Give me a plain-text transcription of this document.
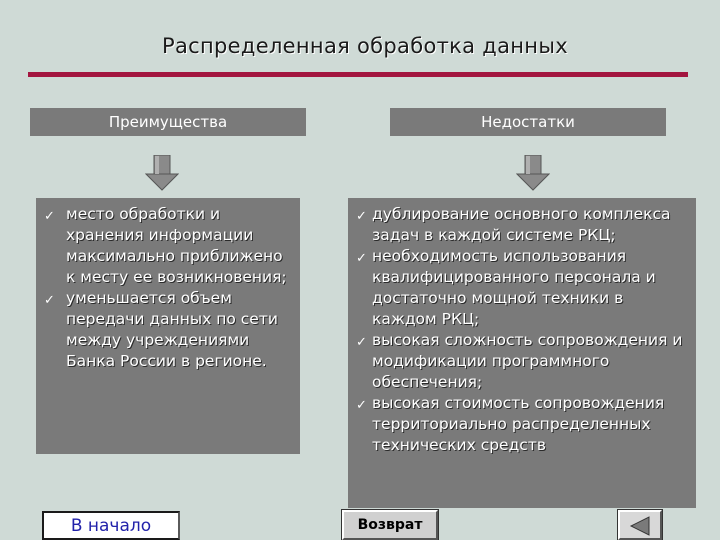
Распределенная обработка данных
Преимущества	Недостатки
✓ место обработки и хранения информации максимально приближено к месту ее возникновения;
✓ уменьшается объем передачи данных по сети между учреждениями Банка России в регионе.
✓ дублирование основного комплекса задач в каждой системе РКЦ;
✓ необходимость использования квалифицированного персонала и достаточно мощной техники в каждом РКЦ;
✓ высокая сложность сопровождения и модификации программного обеспечения;
✓ высокая стоимость сопровождения территориально распределенных технических средств
В начало	Возврат
